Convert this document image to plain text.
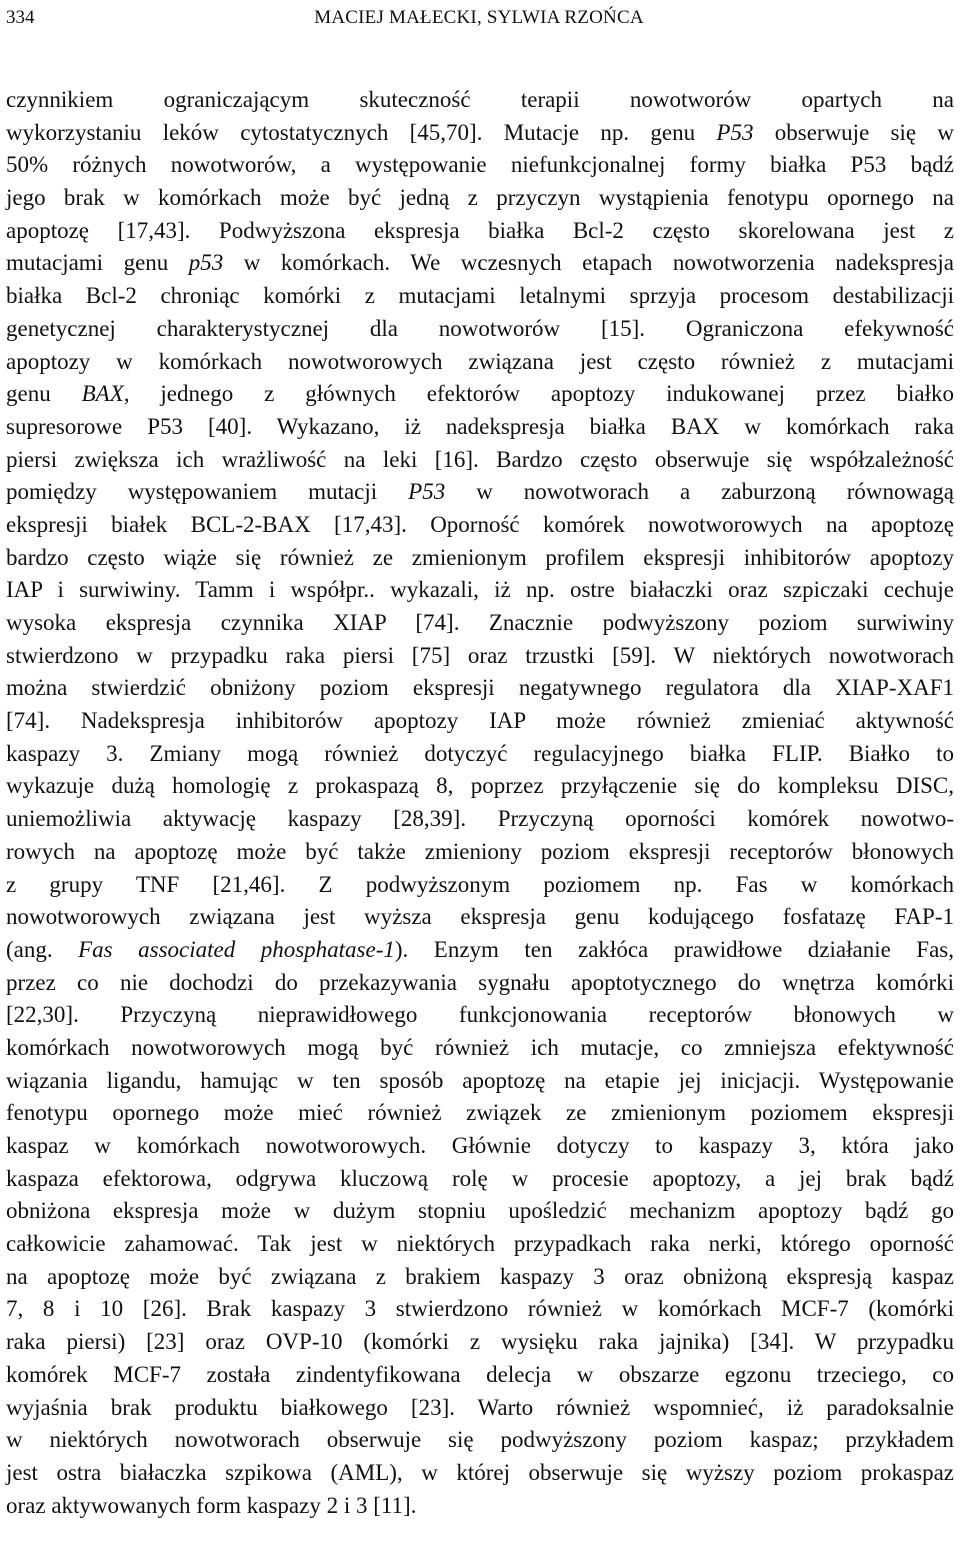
334	MACIEJ MAŁECKI, SYLWIA RZOŃCA
czynnikiem ograniczającym skuteczność terapii nowotworów opartych na
wykorzystaniu leków cytostatycznych [45,70]. Mutacje np. genu P53 obserwuje się w
50% różnych nowotworów, a występowanie niefunkcjonalnej formy białka P53 bądź
jego brak w komórkach może być jedną z przyczyn wystąpienia fenotypu opornego na
apoptozę [17,43]. Podwyższona ekspresja białka Bcl-2 często skorelowana jest z
mutacjami genu p53 w komórkach. We wczesnych etapach nowotworzenia nadekspresja
białka Bcl-2 chroniąc komórki z mutacjami letalnymi sprzyja procesom destabilizacji
genetycznej charakterystycznej dla nowotworów [15]. Ograniczona efekywność
apoptozy w komórkach nowotworowych związana jest często również z mutacjami
genu BAX, jednego z głównych efektorów apoptozy indukowanej przez białko
supresorowe P53 [40]. Wykazano, iż nadekspresja białka BAX w komórkach raka
piersi zwiększa ich wrażliwość na leki [16]. Bardzo często obserwuje się współzależność
pomiędzy występowaniem mutacji P53 w nowotworach a zaburzoną równowagą
ekspresji białek BCL-2-BAX [17,43]. Oporność komórek nowotworowych na apoptozę
bardzo często wiąże się również ze zmienionym profilem ekspresji inhibitorów apoptozy
IAP i surwiwiny. Tamm i współpr.. wykazali, iż np. ostre białaczki oraz szpiczaki cechuje
wysoka ekspresja czynnika XIAP [74]. Znacznie podwyższony poziom surwiwiny
stwierdzono w przypadku raka piersi [75] oraz trzustki [59]. W niektórych nowotworach
można stwierdzić obniżony poziom ekspresji negatywnego regulatora dla XIAP-XAF1
[74]. Nadekspresja inhibitorów apoptozy IAP może również zmieniać aktywność
kaspazy 3. Zmiany mogą również dotyczyć regulacyjnego białka FLIP. Białko to
wykazuje dużą homologię z prokaspazą 8, poprzez przyłączenie się do kompleksu DISC,
uniemożliwia aktywację kaspazy [28,39]. Przyczyną oporności komórek nowotwo-
rowych na apoptozę może być także zmieniony poziom ekspresji receptorów błonowych
z grupy TNF [21,46]. Z podwyższonym poziomem np. Fas w komórkach
nowotworowych związana jest wyższa ekspresja genu kodującego fosfatazę FAP-1
(ang. Fas associated phosphatase-1). Enzym ten zakłóca prawidłowe działanie Fas,
przez co nie dochodzi do przekazywania sygnału apoptotycznego do wnętrza komórki
[22,30]. Przyczyną nieprawidłowego funkcjonowania receptorów błonowych w
komórkach nowotworowych mogą być również ich mutacje, co zmniejsza efektywność
wiązania ligandu, hamując w ten sposób apoptozę na etapie jej inicjacji. Występowanie
fenotypu opornego może mieć również związek ze zmienionym poziomem ekspresji
kaspaz w komórkach nowotworowych. Głównie dotyczy to kaspazy 3, która jako
kaspaza efektorowa, odgrywa kluczową rolę w procesie apoptozy, a jej brak bądź
obniżona ekspresja może w dużym stopniu upośledzić mechanizm apoptozy bądź go
całkowicie zahamować. Tak jest w niektórych przypadkach raka nerki, którego oporność
na apoptozę może być związana z brakiem kaspazy 3 oraz obniżoną ekspresją kaspaz
7, 8 i 10 [26]. Brak kaspazy 3 stwierdzono również w komórkach MCF-7 (komórki
raka piersi) [23] oraz OVP-10 (komórki z wysięku raka jajnika) [34]. W przypadku
komórek MCF-7 została zindentyfikowana delecja w obszarze egzonu trzeciego, co
wyjaśnia brak produktu białkowego [23]. Warto również wspomnieć, iż paradoksalnie
w niektórych nowotworach obserwuje się podwyższony poziom kaspaz; przykładem
jest ostra białaczka szpikowa (AML), w której obserwuje się wyższy poziom prokaspaz
oraz aktywowanych form kaspazy 2 i 3 [11].
